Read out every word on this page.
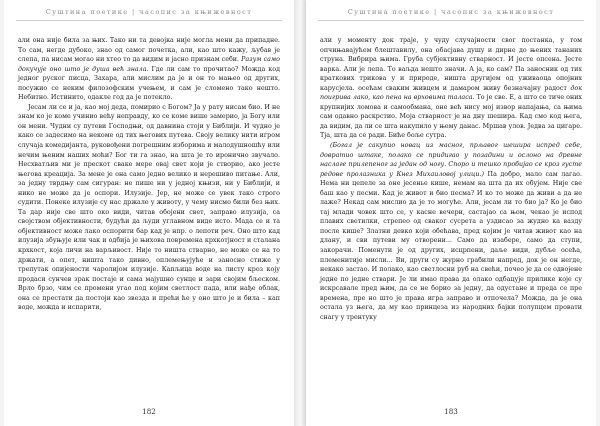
Суштина поетике | часопис за књижевност

али она није била за њих. Тако ни та девојка није могла мени да припадне. То сам, негде дубоко, знао од самог почетка, али, као што кажу, љубав је слепа, па нисам могао ни хтео то да видим и јасно признам себи. Разум само докучује оно што је душа већ знала. Где ли сам то прочитао? Можда код једног руског писца, Захара, али мислим да је и он то мањео од других, посужио се неким филозофским учењем, и сам је сломено тако нешто. Небитно. Истинито, одакле год да је потекло.

Јесам ли се и ја, као мој деда, помирио с Богом? Ја у рату нисам био. И не знам ко је коме учинио већу неправду, ко се коме више замерио, ја Богу или он мени. Чудни су путеви Господњи, од давнина стоји у Библији. И чудно је како се задесимо на некоме од тих његових путева. Своју велику нити игром случаја комедијанта, руковођени погрешним изборима и малодушношћу или нечим њеним наших моћи? Бог ти га знао, на шта је то иронично звучало. Несхватљив ми је прескот свакe мере овај свет који је створио, ако јесте његова креација. За мене је она само једно велико и нерешиво питање. Али, за једну тврдњу сам сигуран: не пише ни у једној књизи, ни у Библији, и нико не може да је оспори. Илузије. Јер, не може се увек тако строго судити. Понекe илузије су нас држале у животу, у чему нисмо били без њих. Та дар није све што око види, читав обојени свет, заправо илузија, са својством објективности, будући да људи углавном виде исто. Мада се и та објективност може лако оспорити бар кад је нпр. о лепоти реч. Оно што кад илузија збуњује или чак и одбија је њихова повремена крхкотјност и сталaна крхкост, која личи на варљивост. Није то ништа стварно, не може се на то држати, а опет, ништа тако дивно, оплемењујуће и заносно стиже у трепутак опијености чаролијом илузије. Капљица воде на листу кроз коју продаси сунчев зрак постаје и сама мајушно сунце и зари својим бљеском. Врло брзо, чим се промени угао под којим светлост пада, или нађе облак, она се престати да постоји као звезда и прећи ће у оно што је и била – кап воде, можда и испарити,

182
Суштина поетике | часопис за књижевност

али у моменту док траје, у чуду случајности свог постанка, у том опчињавајућем блештавилу, она обасјава душу и дирне до њених тананих струна. Вибрира њима. Груба субјективну стварност. И јесте опсена. Јесте варка. Али је лепа. То ваљда нешто значи. А ја, ко сам? Па заносник од тих краткових трикова у и природе, ништа другијем од уживаоца опојних карусјела. осећам сваким живцем и дамаром живу безначајну радост док поигрива лако, као пена на врховима таласа. То је све. Е, а што се тиче оних крупнијих ломова и самообмана, оне већ нису мој извор напајања, са њима сам одавно раскрстио. Моја стварност је на дну шешира. Кад смо код њега, да видим, да ли се шта накупило у њему данас. Мршав улов. Једва за цигаре. Тја, шта да се ради. Биће боље сутра.

(Богал је сакупио новац из маснoг, прљавог шешира испред себе, довратио штаке, полако се придигао у позадини и ослоно на древне наслаге прилепеног за један од ногу. Споро и тешко пробијао се кроз густе редове пролазника у Кнез Михаиловој улици.) Па добро, мало сам лагао. Нема ни цепeле за оне јесенье кише, немам на шта да их обујем. Није све баш као у песми. Кад је живот и био песма? И ко то може да живи а да не лаже? Некад сам мислио да је то могуће. Али, јесам ли то био ја? Ко је био тај млади човек што се, у касне вечери, састајао са њом, чекао је испод плавих светилки, стрепео од сваког сусрета а уздисао за жудно ка вазду послe кише? Златни девко који обећава, пред којим је читав живот као на длану, и сви путеви му отворени... Само да изабере, само да ступи, закорачи. Поменути је од других, исцрпени, даље види, дубље осећа, племенитије мисли... Ви, други су журно грабили напред, док је он негде, некако застао. И полако, као светлосни руб на свећи, почео је да се одвојене једне по једне ствари. Је ли имао права да олако одбацује прилике које су искрсавале пред њим, да се не бориo за једну, да одустане и преда се пре времена, пре но што је права игра заправо и отпочела? Можда, да је она остала уз њега, да му као принцеза из народних бајки полупцем провати снагу у трентуку

183
